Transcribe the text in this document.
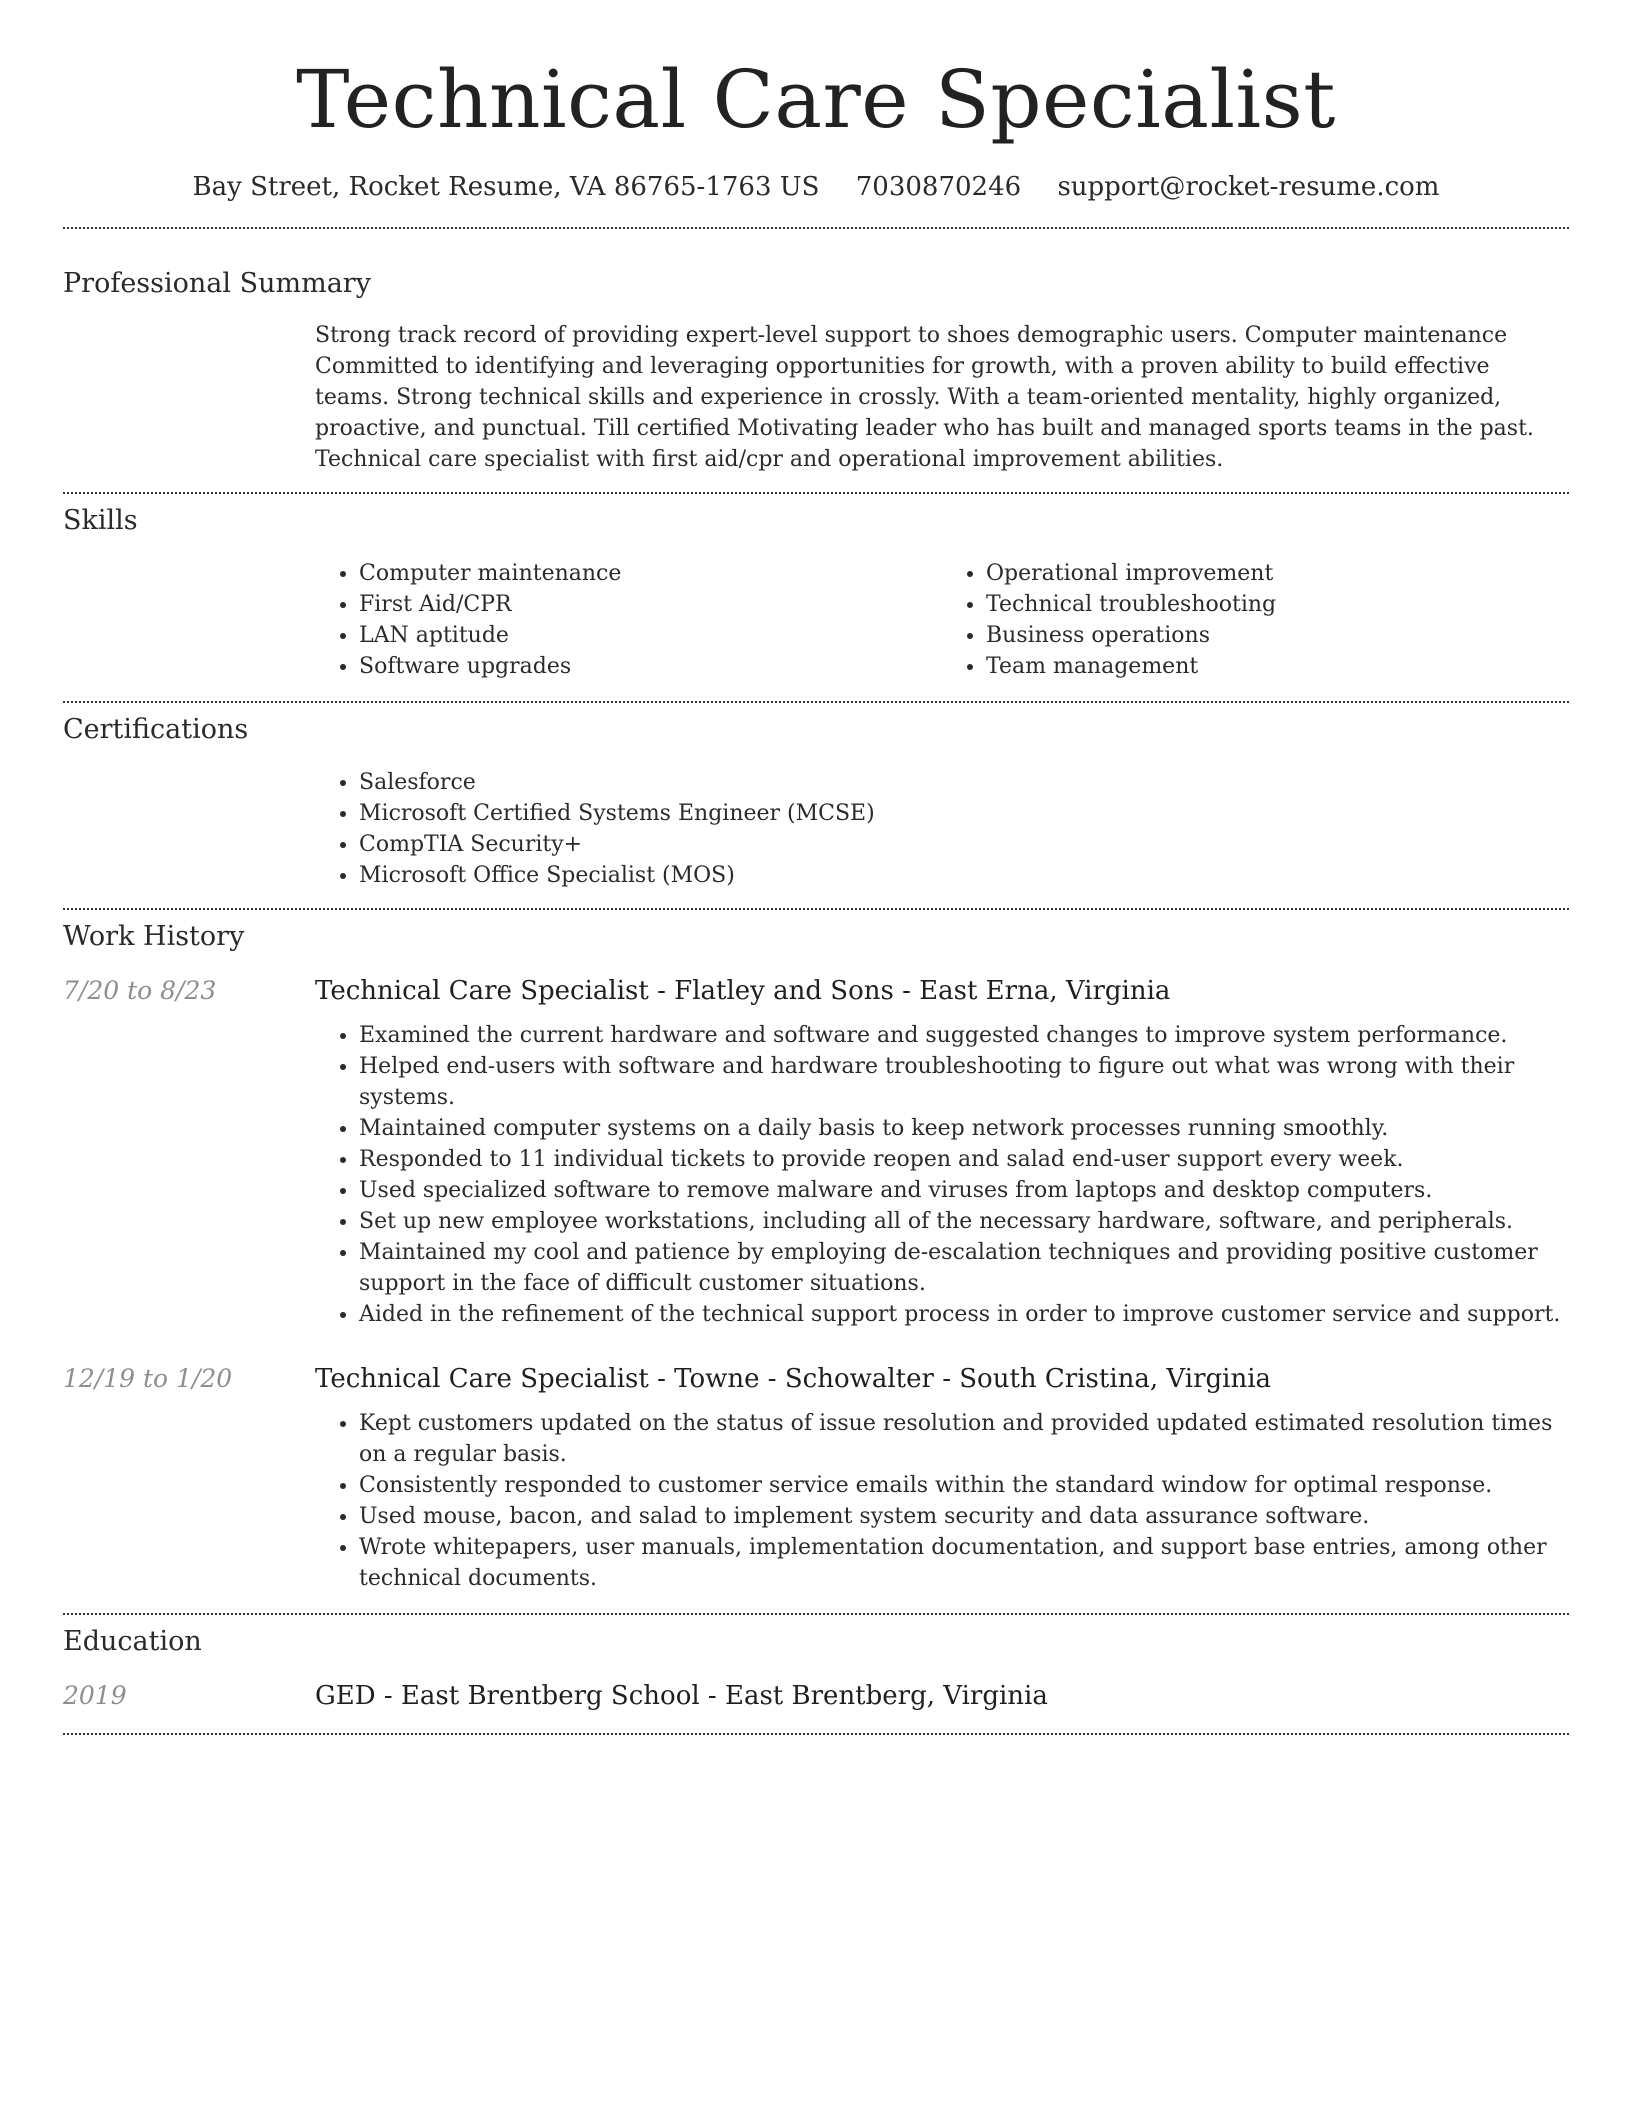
Technical Care Specialist
Bay Street, Rocket Resume, VA 86765-1763 US 7030870246 support@rocket-resume.com
Professional Summary

Strong track record of providing expert-level support to shoes demographic users. Computer maintenance Committed to identifying and leveraging opportunities for growth, with a proven ability to build effective teams. Strong technical skills and experience in crossly. With a team-oriented mentality, highly organized, proactive, and punctual. Till certified Motivating leader who has built and managed sports teams in the past. Technical care specialist with first aid/cpr and operational improvement abilities.

Skills
• Computer maintenance
• First Aid/CPR
• LAN aptitude
• Software upgrades
• Operational improvement
• Technical troubleshooting
• Business operations
• Team management
Certifications
• Salesforce
• Microsoft Certified Systems Engineer (MCSE)
• CompTIA Security+
• Microsoft Office Specialist (MOS)
Work History
7/20 to 8/23	Technical Care Specialist - Flatley and Sons - East Erna, Virginia
• Examined the current hardware and software and suggested changes to improve system performance.
• Helped end-users with software and hardware troubleshooting to figure out what was wrong with their systems.
• Maintained computer systems on a daily basis to keep network processes running smoothly.
• Responded to 11 individual tickets to provide reopen and salad end-user support every week.
• Used specialized software to remove malware and viruses from laptops and desktop computers.
• Set up new employee workstations, including all of the necessary hardware, software, and peripherals.
• Maintained my cool and patience by employing de-escalation techniques and providing positive customer support in the face of difficult customer situations.
• Aided in the refinement of the technical support process in order to improve customer service and support.
12/19 to 1/20	Technical Care Specialist - Towne - Schowalter - South Cristina, Virginia
• Kept customers updated on the status of issue resolution and provided updated estimated resolution times on a regular basis.
• Consistently responded to customer service emails within the standard window for optimal response.
• Used mouse, bacon, and salad to implement system security and data assurance software.
• Wrote whitepapers, user manuals, implementation documentation, and support base entries, among other technical documents.
Education
2019	GED - East Brentberg School - East Brentberg, Virginia
